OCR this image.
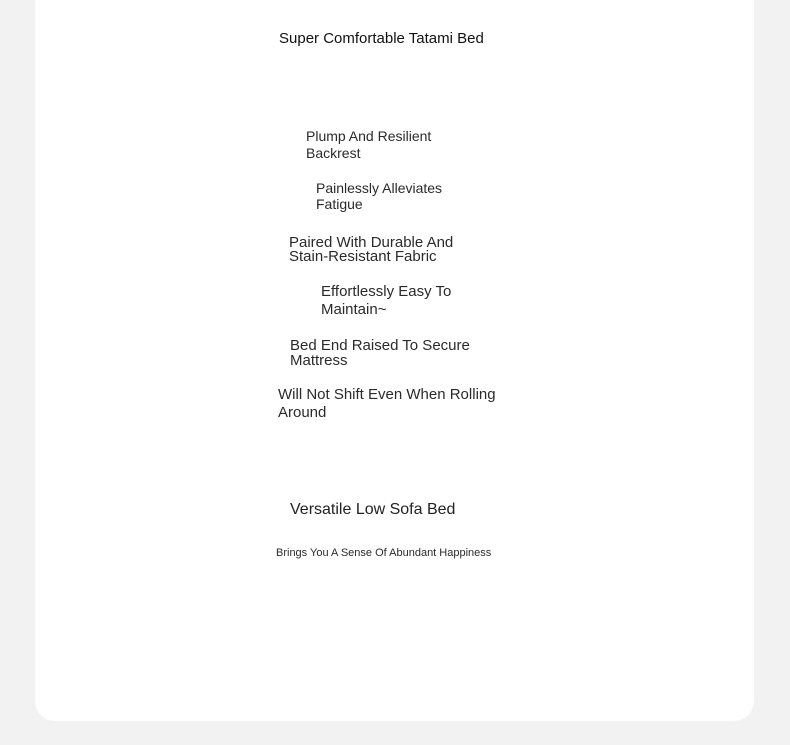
Super Comfortable Tatami Bed
Plump And Resilient Backrest
Painlessly Alleviates Fatigue
Paired With Durable And Stain-Resistant Fabric
Effortlessly Easy To Maintain~
Bed End Raised To Secure Mattress
Will Not Shift Even When Rolling Around
Versatile Low Sofa Bed
Brings You A Sense Of Abundant Happiness
